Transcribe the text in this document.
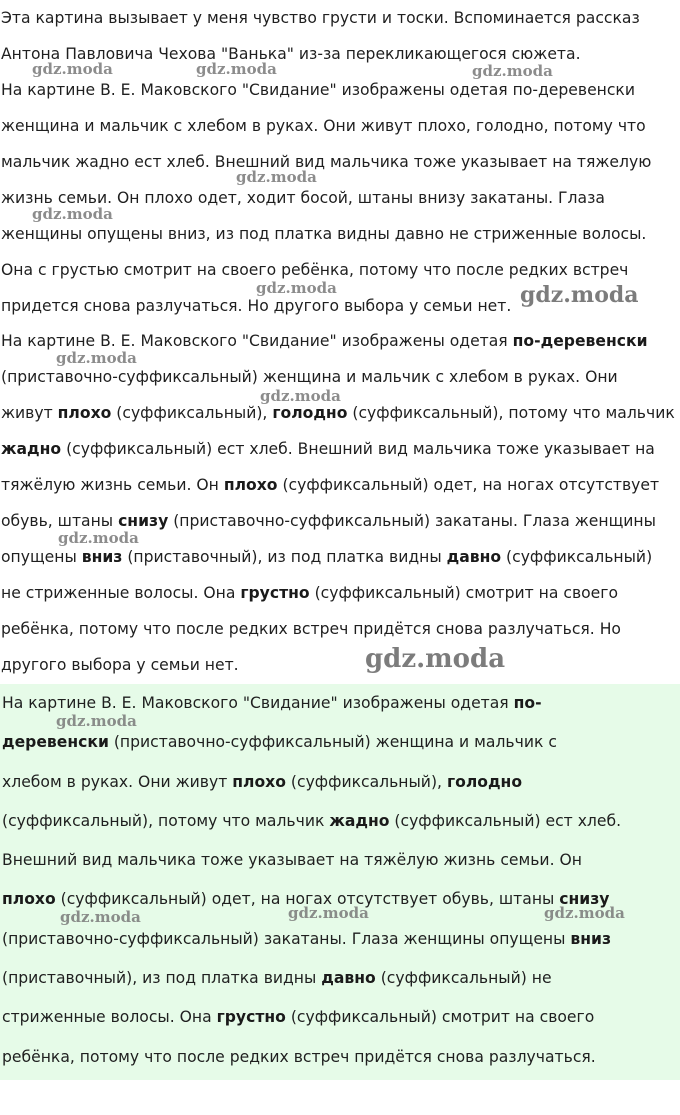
Эта картина вызывает у меня чувство грусти и тоски. Вспоминается рассказ
Антона Павловича Чехова "Ванька" из-за перекликающегося сюжета.
На картине В. Е. Маковского "Свидание" изображены одетая по-деревенски
женщина и мальчик с хлебом в руках. Они живут плохо, голодно, потому что
мальчик жадно ест хлеб. Внешний вид мальчика тоже указывает на тяжелую
жизнь семьи. Он плохо одет, ходит босой, штаны внизу закатаны. Глаза
женщины опущены вниз, из под платка видны давно не стриженные волосы.
Она с грустью смотрит на своего ребёнка, потому что после редких встреч
придется снова разлучаться. Но другого выбора у семьи нет.
На картине В. Е. Маковского "Свидание" изображены одетая по-деревенски
(приставочно-суффиксальный) женщина и мальчик с хлебом в руках. Они
живут плохо (суффиксальный), голодно (суффиксальный), потому что мальчик
жадно (суффиксальный) ест хлеб. Внешний вид мальчика тоже указывает на
тяжёлую жизнь семьи. Он плохо (суффиксальный) одет, на ногах отсутствует
обувь, штаны снизу (приставочно-суффиксальный) закатаны. Глаза женщины
опущены вниз (приставочный), из под платка видны давно (суффиксальный)
не стриженные волосы. Она грустно (суффиксальный) смотрит на своего
ребёнка, потому что после редких встреч придётся снова разлучаться. Но
другого выбора у семьи нет.
На картине В. Е. Маковского "Свидание" изображены одетая по-
деревенски (приставочно-суффиксальный) женщина и мальчик с
хлебом в руках. Они живут плохо (суффиксальный), голодно
(суффиксальный), потому что мальчик жадно (суффиксальный) ест хлеб.
Внешний вид мальчика тоже указывает на тяжёлую жизнь семьи. Он
плохо (суффиксальный) одет, на ногах отсутствует обувь, штаны снизу
(приставочно-суффиксальный) закатаны. Глаза женщины опущены вниз
(приставочный), из под платка видны давно (суффиксальный) не
стриженные волосы. Она грустно (суффиксальный) смотрит на своего
ребёнка, потому что после редких встреч придётся снова разлучаться.
gdz.moda	gdz.moda	gdz.moda
gdz.moda
gdz.moda
gdz.moda	gdz.moda
gdz.moda
gdz.moda
gdz.moda
gdz.moda
gdz.moda
gdz.moda	gdz.moda	gdz.moda
